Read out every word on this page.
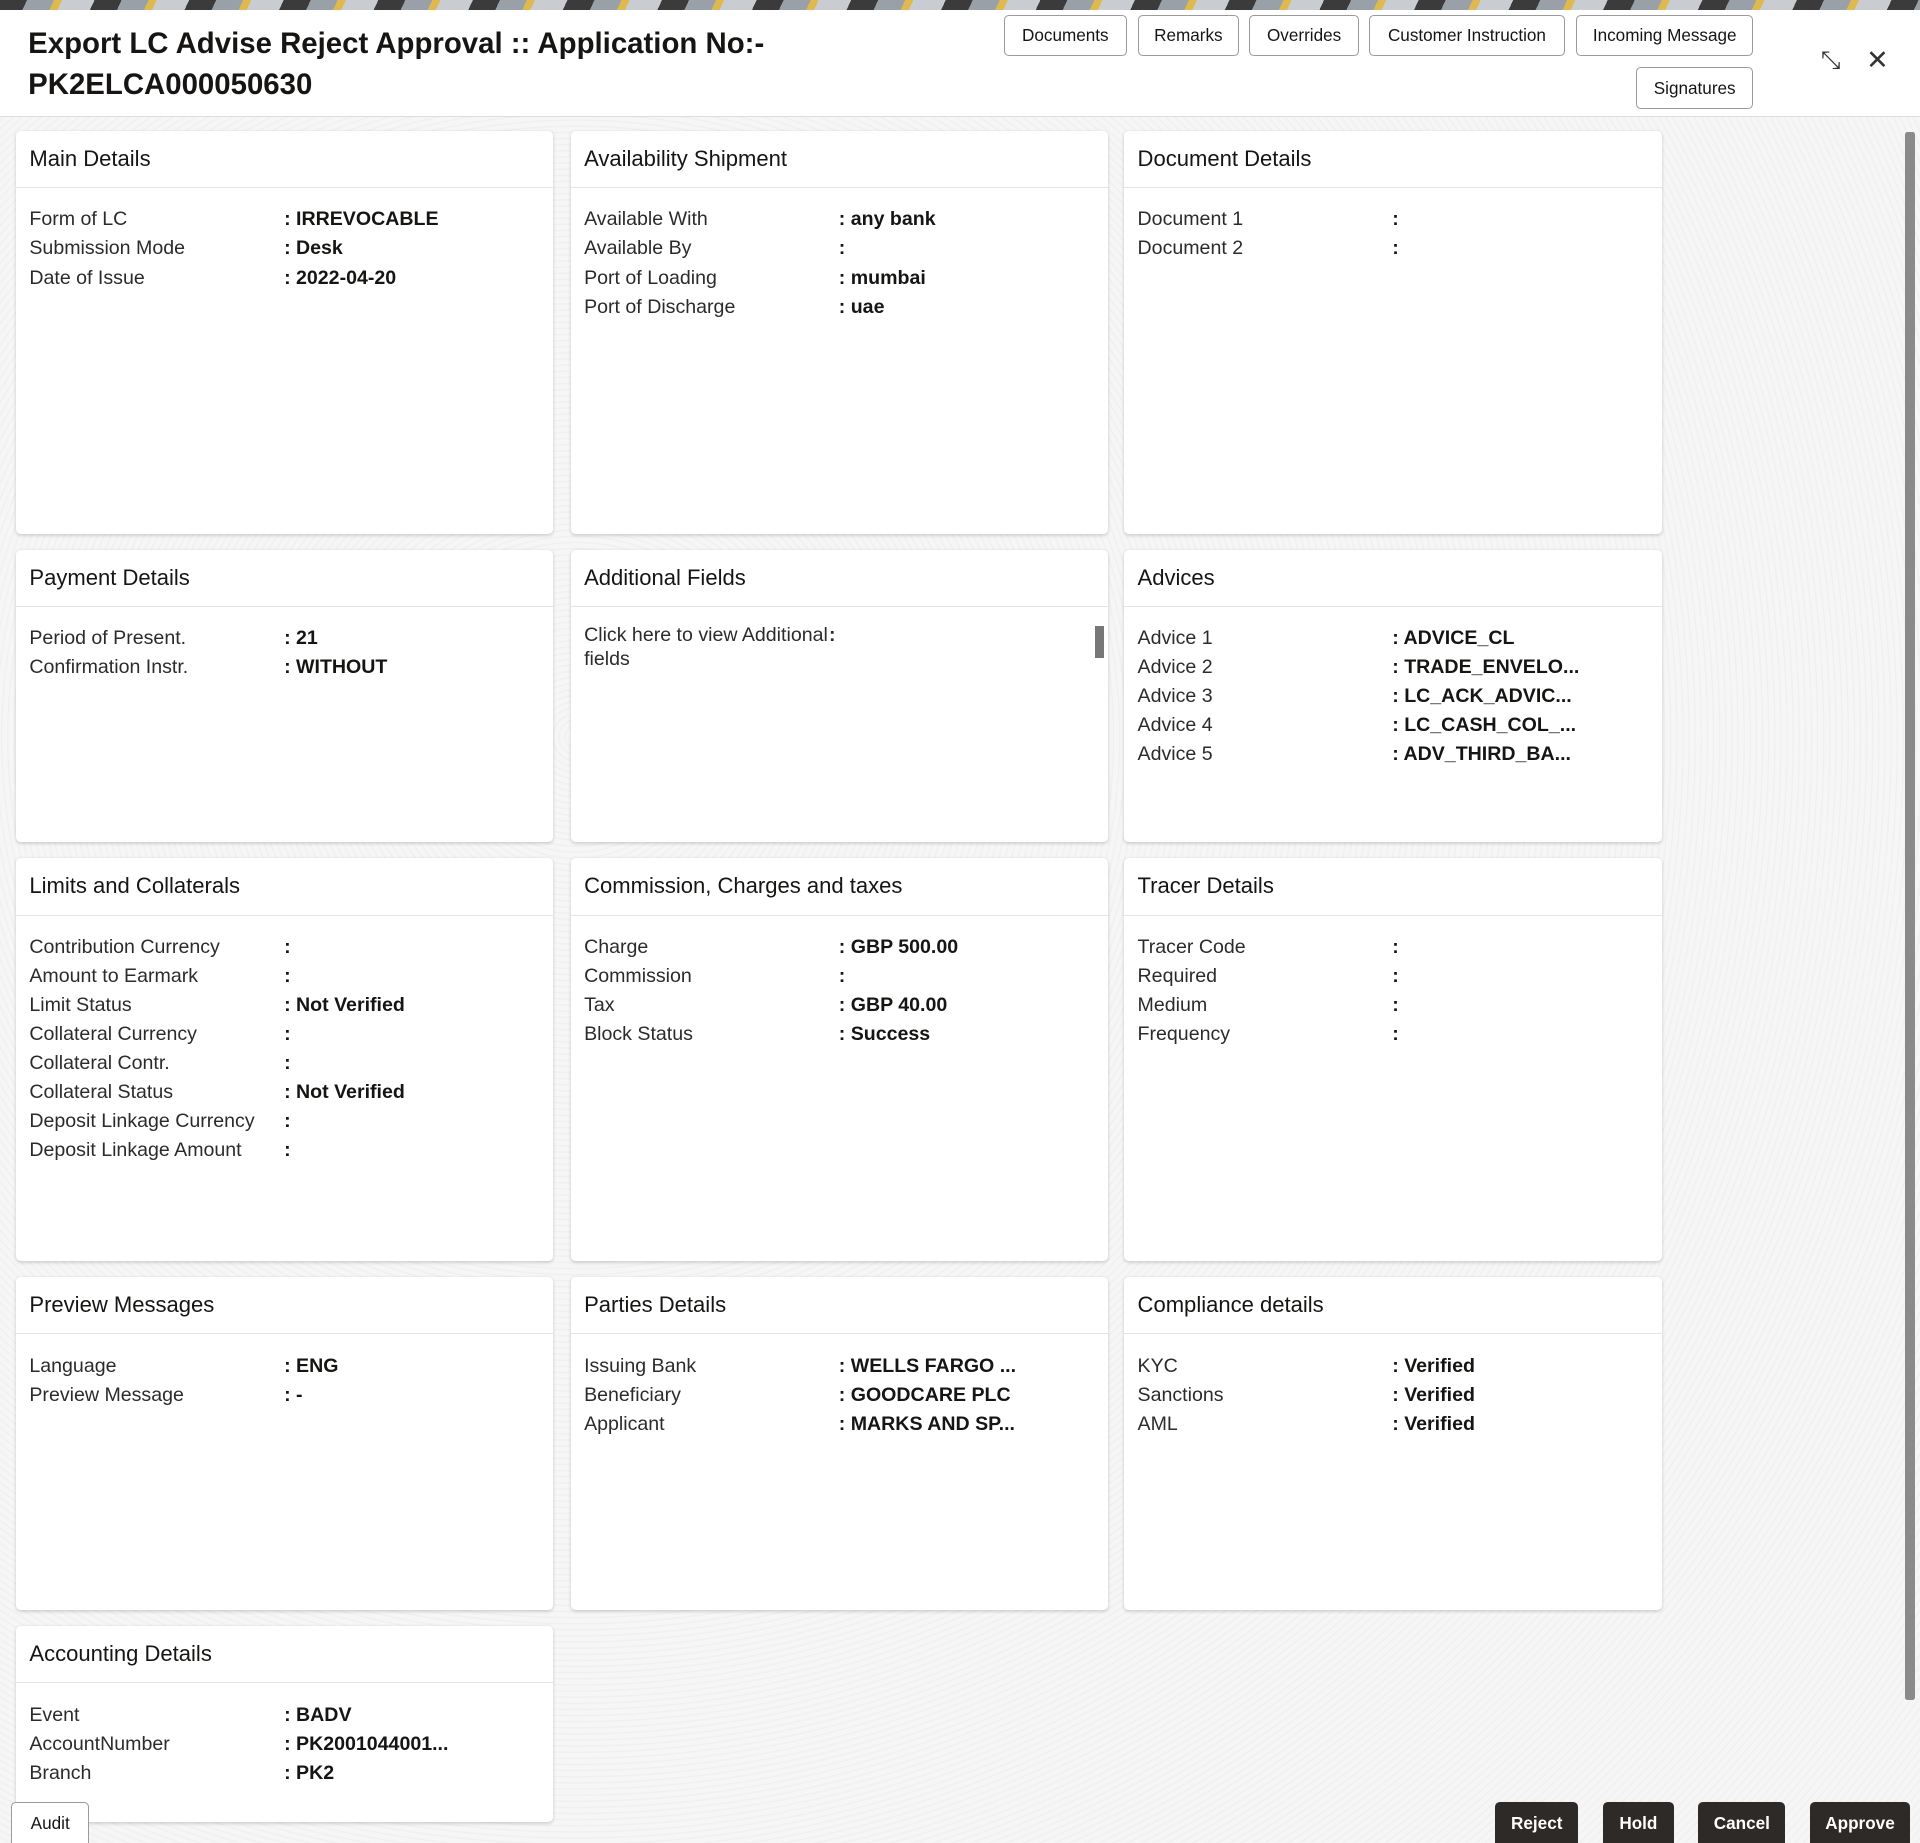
Export LC Advise Reject Approval :: Application No:- PK2ELCA000050630
Documents	Remarks	Overrides	Customer Instruction	Incoming Message
Signatures
⤡ ✕
Main Details
Form of LC	: IRREVOCABLE
Submission Mode	: Desk
Date of Issue	: 2022-04-20
Availability Shipment
Available With	: any bank
Available By	:
Port of Loading	: mumbai
Port of Discharge	: uae
Document Details
Document 1	:
Document 2	:
Payment Details
Period of Present.	: 21
Confirmation Instr.	: WITHOUT
Additional Fields
Click here to view Additional fields
:
Advices
Advice 1	: ADVICE_CL
Advice 2	: TRADE_ENVELO...
Advice 3	: LC_ACK_ADVIC...
Advice 4	: LC_CASH_COL_...
Advice 5	: ADV_THIRD_BA...
Limits and Collaterals
Contribution Currency	:
Amount to Earmark	:
Limit Status	: Not Verified
Collateral Currency	:
Collateral Contr.	:
Collateral Status	: Not Verified
Deposit Linkage Currency :
Deposit Linkage Amount	:
Commission, Charges and taxes
Charge	: GBP 500.00
Commission	:
Tax	: GBP 40.00
Block Status	: Success
Tracer Details
Tracer Code	:
Required	:
Medium	:
Frequency	:
Preview Messages
Language	: ENG
Preview Message	: -
Parties Details
Issuing Bank	: WELLS FARGO ...
Beneficiary	: GOODCARE PLC
Applicant	: MARKS AND SP...
Compliance details
KYC	: Verified
Sanctions	: Verified
AML	: Verified
Accounting Details
Event	: BADV
AccountNumber	: PK2001044001...
Branch	: PK2
Audit	Reject	Hold	Cancel	Approve
